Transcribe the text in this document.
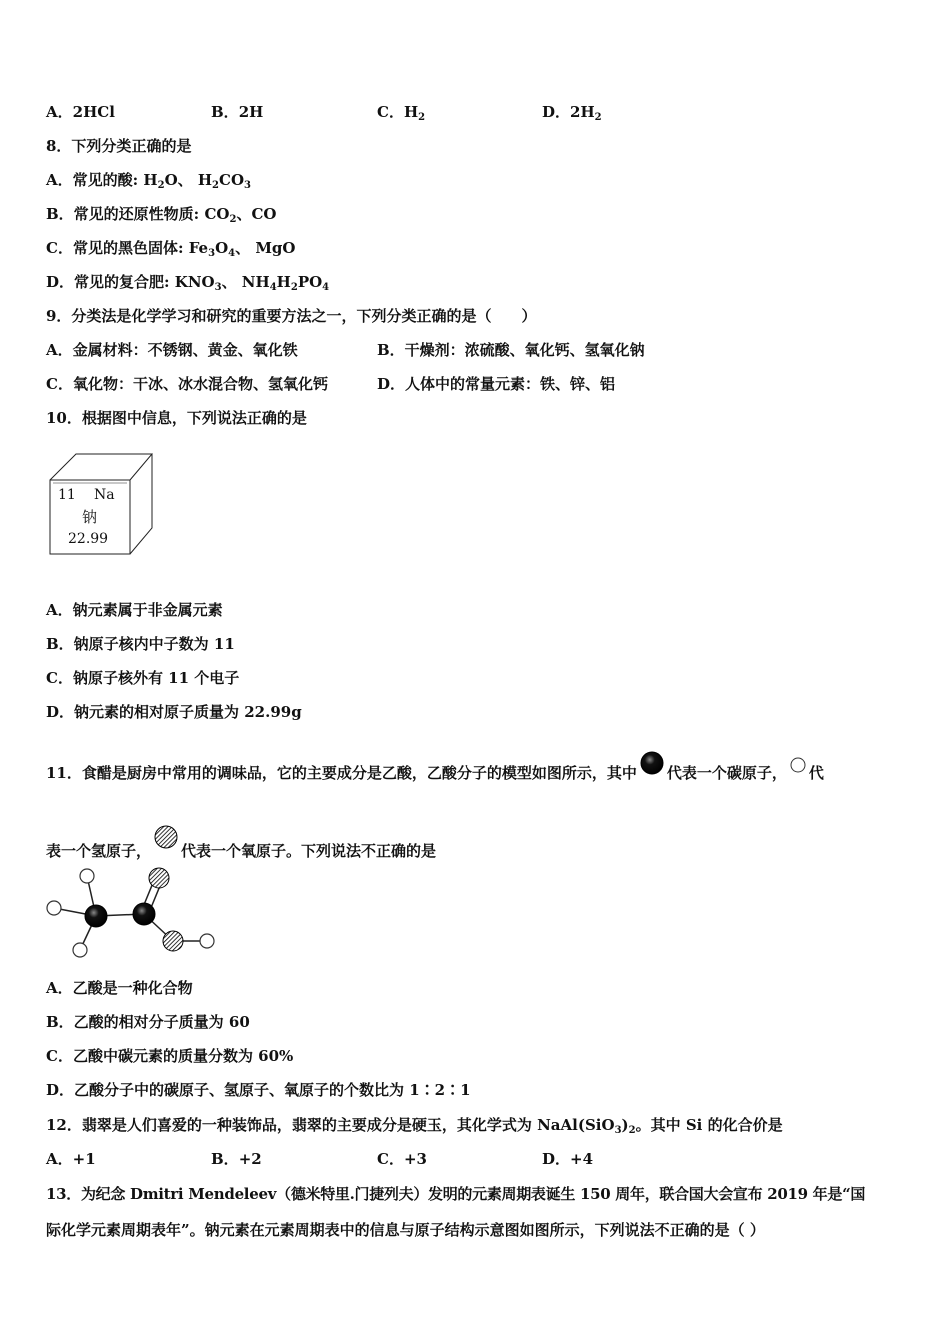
A．2HCl	B．2H	C．$H_2$	D．$2H_2$
8．下列分类正确的是
A．常见的酸: $H_2O$、 $H_2CO_3$
B．常见的还原性物质: $CO_2$、CO
C．常见的黑色固体: $Fe_3O_4$、 MgO
D．常见的复合肥: $KNO_3$、 $NH_4H_2PO_4$
9．分类法是化学学习和研究的重要方法之一，下列分类正确的是（　　）
A．金属材料：不锈钢、黄金、氧化铁	B．干燥剂：浓硫酸、氧化钙、氢氧化钠
C．氧化物：干冰、冰水混合物、氢氧化钙	D．人体中的常量元素：铁、锌、铝
10．根据图中信息，下列说法正确的是
11 Na
钠
22.99
A．钠元素属于非金属元素
B．钠原子核内中子数为 11
C．钠原子核外有 11 个电子
D．钠元素的相对原子质量为 22.99g
11．食醋是厨房中常用的调味品，它的主要成分是乙酸，乙酸分子的模型如图所示，其中 代表一个碳原子， 代
表一个氢原子， 代表一个氧原子。下列说法不正确的是
A．乙酸是一种化合物
B．乙酸的相对分子质量为 60
C．乙酸中碳元素的质量分数为 60%
D．乙酸分子中的碳原子、氢原子、氧原子的个数比为 1∶2∶1
12．翡翠是人们喜爱的一种装饰品，翡翠的主要成分是硬玉，其化学式为 $NaAl(SiO_3)_2$。其中 Si 的化合价是
A．+1	B．+2	C．+3	D．+4
13．为纪念 Dmitri Mendeleev（德米特里.门捷列夫）发明的元素周期表诞生 150 周年，联合国大会宣布 2019 年是“国
际化学元素周期表年”。钠元素在元素周期表中的信息与原子结构示意图如图所示，下列说法不正确的是（ ）
